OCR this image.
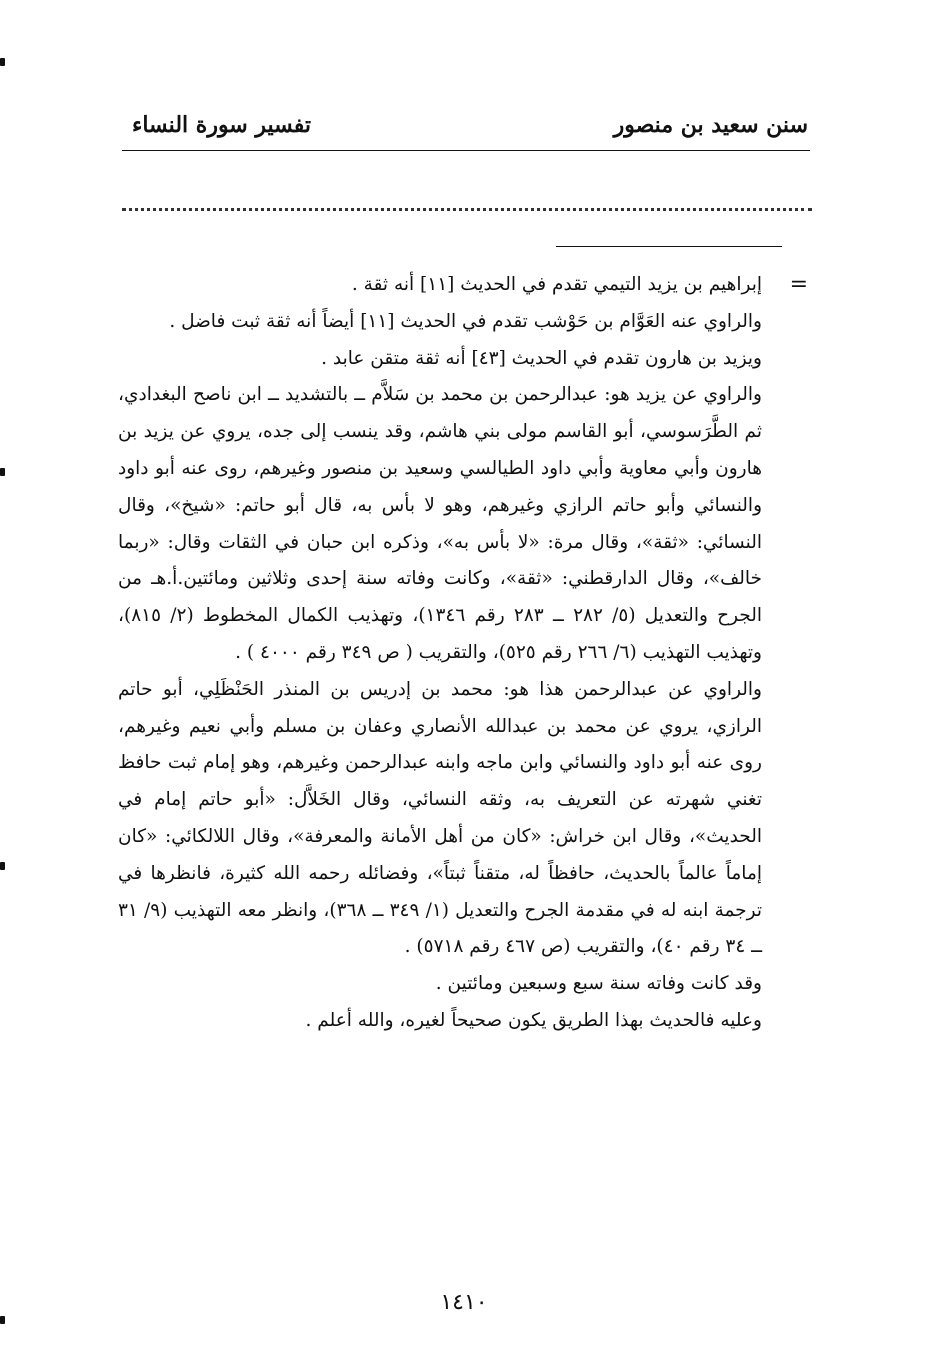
سنن سعيد بن منصور
تفسير سورة النساء
=

إبراهيم بن يزيد التيمي تقدم في الحديث [١١] أنه ثقة .

والراوي عنه العَوَّام بن حَوْشب تقدم في الحديث [١١] أيضاً أنه ثقة ثبت فاضل .

ويزيد بن هارون تقدم في الحديث [٤٣] أنه ثقة متقن عابد .

والراوي عن يزيد هو: عبدالرحمن بن محمد بن سَلاَّم ــ بالتشديد ــ ابن ناصح البغدادي، ثم الطَّرَسوسي، أبو القاسم مولى بني هاشم، وقد ينسب إلى جده، يروي عن يزيد بن هارون وأبي معاوية وأبي داود الطيالسي وسعيد بن منصور وغيرهم، روى عنه أبو داود والنسائي وأبو حاتم الرازي وغيرهم، وهو لا بأس به، قال أبو حاتم: «شيخ»، وقال النسائي: «ثقة»، وقال مرة: «لا بأس به»، وذكره ابن حبان في الثقات وقال: «ربما خالف»، وقال الدارقطني: «ثقة»، وكانت وفاته سنة إحدى وثلاثين ومائتين.أ.هـ من الجرح والتعديل (٥/ ٢٨٢ ــ ٢٨٣ رقم ١٣٤٦)، وتهذيب الكمال المخطوط (٢/ ٨١٥)، وتهذيب التهذيب (٦/ ٢٦٦ رقم ٥٢٥)، والتقريب ( ص ٣٤٩ رقم ٤٠٠٠ ) .

والراوي عن عبدالرحمن هذا هو: محمد بن إدريس بن المنذر الحَنْظَلِي، أبو حاتم الرازي، يروي عن محمد بن عبدالله الأنصاري وعفان بن مسلم وأبي نعيم وغيرهم، روى عنه أبو داود والنسائي وابن ماجه وابنه عبدالرحمن وغيرهم، وهو إمام ثبت حافظ تغني شهرته عن التعريف به، وثقه النسائي، وقال الخَلاَّل: «أبو حاتم إمام في الحديث»، وقال ابن خراش: «كان من أهل الأمانة والمعرفة»، وقال اللالكائي: «كان إماماً عالماً بالحديث، حافظاً له، متقناً ثبتاً»، وفضائله رحمه الله كثيرة، فانظرها في ترجمة ابنه له في مقدمة الجرح والتعديل (١/ ٣٤٩ ــ ٣٦٨)، وانظر معه التهذيب (٩/ ٣١ ــ ٣٤ رقم ٤٠)، والتقريب (ص ٤٦٧ رقم ٥٧١٨) .

وقد كانت وفاته سنة سبع وسبعين ومائتين .

وعليه فالحديث بهذا الطريق يكون صحيحاً لغيره، والله أعلم .

١٤١٠
